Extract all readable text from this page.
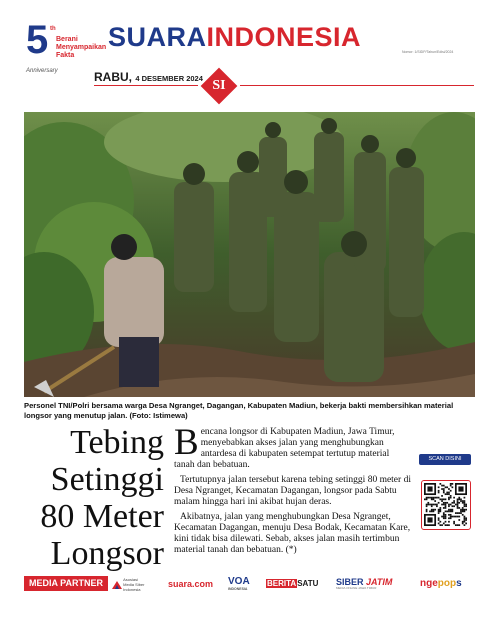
5 th
Berani Menyampaikan Fakta
Anniversary
SUARAINDONESIA	Nomor: 1/SIDP/Tahun/Edisi/2024
RABU, 4 DESEMBER 2024 SI
Personel TNI/Polri bersama warga Desa Ngranget, Dagangan, Kabupaten Madiun, bekerja bakti membersihkan material longsor yang menutup jalan. (Foto: Istimewa)
Tebing
Setinggi
80 Meter
Longsor

Bencana longsor di Kabupaten Madiun, Jawa Timur, menyebabkan akses jalan yang menghubungkan antardesa di kabupaten setempat tertutup material tanah dan bebatuan.

Tertutupnya jalan tersebut karena tebing setinggi 80 meter di Desa Ngranget, Kecamatan Dagangan, longsor pada Sabtu malam hingga hari ini akibat hujan deras.

Akibatnya, jalan yang menghubungkan Desa Ngranget, Kecamatan Dagangan, menuju Desa Bodak, Kecamatan Kare, kini tidak bisa dilewati. Sebab, akses jalan masih tertimbun material tanah dan bebatuan. (*)

SCAN DISINI
MEDIA PARTNER
	Asosiasi
Media Siber
Indonesia
suara.com VOA
INDONESIA
BERITASATU SIBER JATIM
MEDIA ONLINE JAWA TIMUR	ngepops
